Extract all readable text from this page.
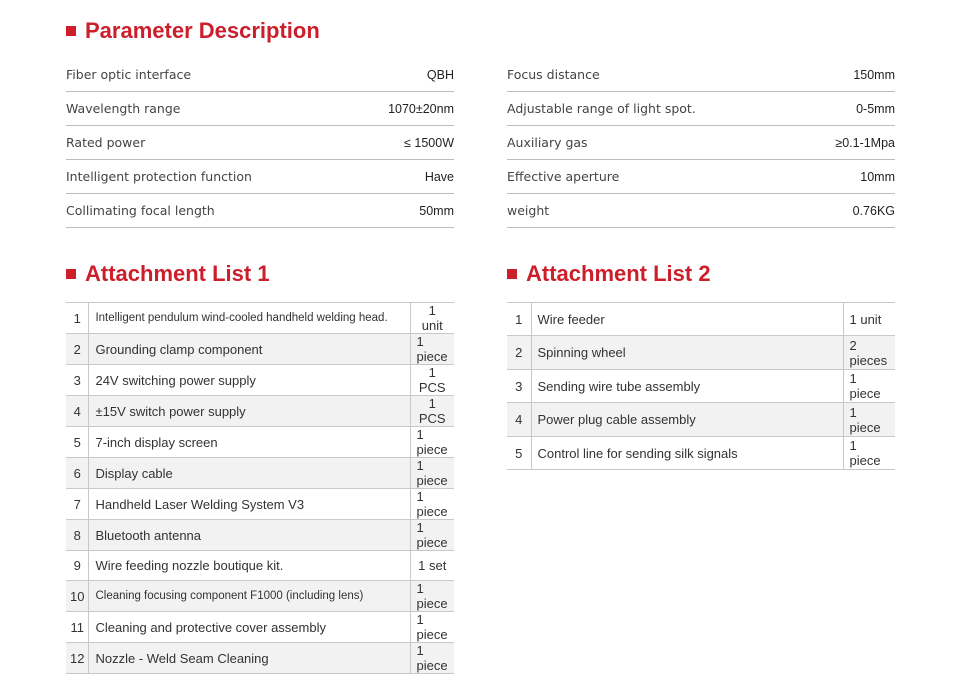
Parameter Description
Fiber optic interface	QBH
Wavelength range	1070±20nm
Rated power	≤ 1500W
Intelligent protection function	Have
Collimating focal length	50mm
Focus distance	150mm
Adjustable range of light spot.	0-5mm
Auxiliary gas	≥0.1-1Mpa
Effective aperture	10mm
weight	0.76KG
Attachment List 1
1	Intelligent pendulum wind-cooled handheld welding head.	1 unit
2	Grounding clamp component	1 piece
3	24V switching power supply	1 PCS
4	±15V switch power supply	1 PCS
5	7-inch display screen	1 piece
6	Display cable	1 piece
7	Handheld Laser Welding System V3	1 piece
8	Bluetooth antenna	1 piece
9	Wire feeding nozzle boutique kit.	1 set
10	Cleaning focusing component F1000 (including lens)	1 piece
11	Cleaning and protective cover assembly	1 piece
12	Nozzle - Weld Seam Cleaning	1 piece
Attachment List 2
1	Wire feeder	1 unit
2	Spinning wheel	2 pieces
3	Sending wire tube assembly	1 piece
4	Power plug cable assembly	1 piece
5	Control line for sending silk signals	1 piece
